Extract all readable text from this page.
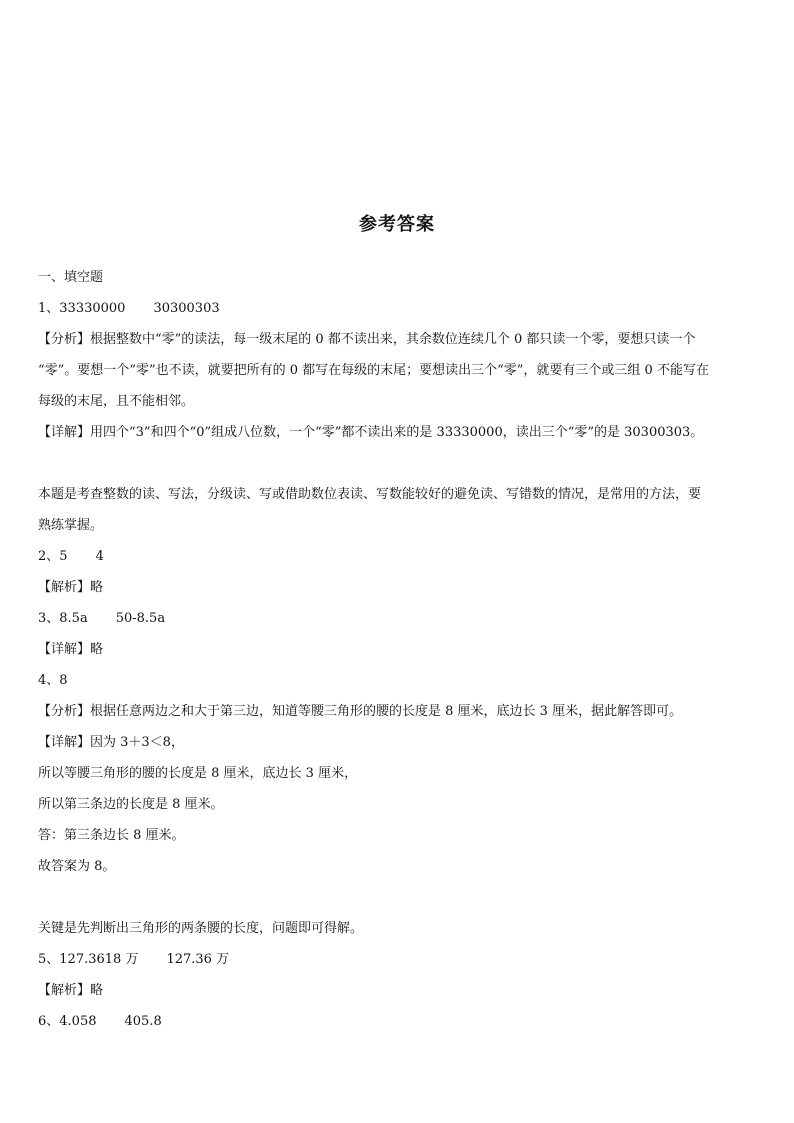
参考答案
一、填空题
1、33330000 30300303
【分析】根据整数中“零”的读法，每一级末尾的 0 都不读出来，其余数位连续几个 0 都只读一个零，要想只读一个
“零”。要想一个“零”也不读，就要把所有的 0 都写在每级的末尾；要想读出三个“零”，就要有三个或三组 0 不能写在
每级的末尾，且不能相邻。
【详解】用四个“3”和四个“0”组成八位数，一个“零”都不读出来的是 33330000，读出三个“零”的是 30300303。
本题是考查整数的读、写法，分级读、写或借助数位表读、写数能较好的避免读、写错数的情况，是常用的方法，要
熟练掌握。
2、5 4
【解析】略
3、8.5a 50-8.5a
【详解】略
4、8
【分析】根据任意两边之和大于第三边，知道等腰三角形的腰的长度是 8 厘米，底边长 3 厘米，据此解答即可。
【详解】因为 3＋3＜8，
所以等腰三角形的腰的长度是 8 厘米，底边长 3 厘米，
所以第三条边的长度是 8 厘米。
答：第三条边长 8 厘米。
故答案为 8。
关键是先判断出三角形的两条腰的长度，问题即可得解。
5、127.3618 万 127.36 万
【解析】略
6、4.058 405.8
